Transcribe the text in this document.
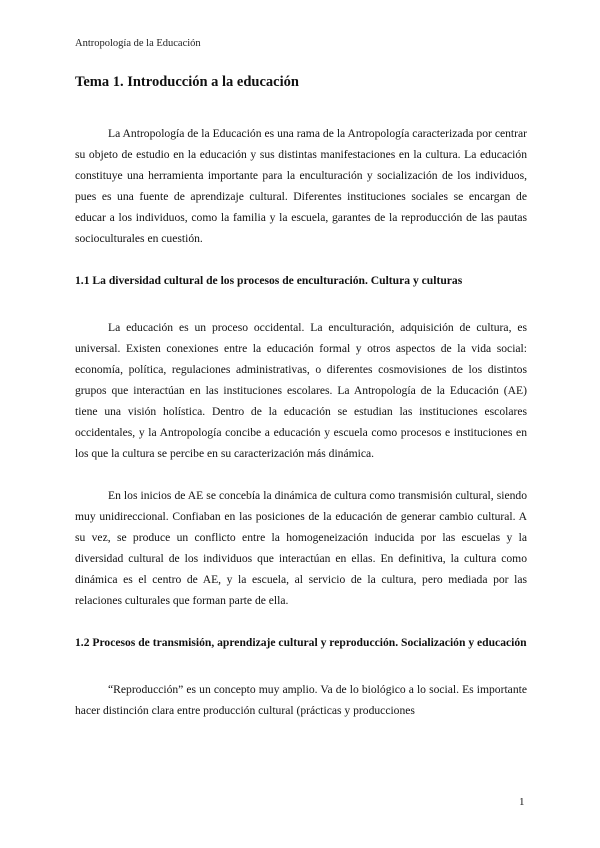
Antropología de la Educación
Tema 1. Introducción a la educación

La Antropología de la Educación es una rama de la Antropología caracterizada por centrar su objeto de estudio en la educación y sus distintas manifestaciones en la cultura. La educación constituye una herramienta importante para la enculturación y socialización de los individuos, pues es una fuente de aprendizaje cultural. Diferentes instituciones sociales se encargan de educar a los individuos, como la familia y la escuela, garantes de la reproducción de las pautas socioculturales en cuestión.

1.1 La diversidad cultural de los procesos de enculturación. Cultura y culturas

La educación es un proceso occidental. La enculturación, adquisición de cultura, es universal. Existen conexiones entre la educación formal y otros aspectos de la vida social: economía, política, regulaciones administrativas, o diferentes cosmovisiones de los distintos grupos que interactúan en las instituciones escolares. La Antropología de la Educación (AE) tiene una visión holística. Dentro de la educación se estudian las instituciones escolares occidentales, y la Antropología concibe a educación y escuela como procesos e instituciones en los que la cultura se percibe en su caracterización más dinámica.

En los inicios de AE se concebía la dinámica de cultura como transmisión cultural, siendo muy unidireccional. Confiaban en las posiciones de la educación de generar cambio cultural. A su vez, se produce un conflicto entre la homogeneización inducida por las escuelas y la diversidad cultural de los individuos que interactúan en ellas. En definitiva, la cultura como dinámica es el centro de AE, y la escuela, al servicio de la cultura, pero mediada por las relaciones culturales que forman parte de ella.

1.2 Procesos de transmisión, aprendizaje cultural y reproducción. Socialización y educación

“Reproducción” es un concepto muy amplio. Va de lo biológico a lo social. Es importante hacer distinción clara entre producción cultural (prácticas y producciones

1
